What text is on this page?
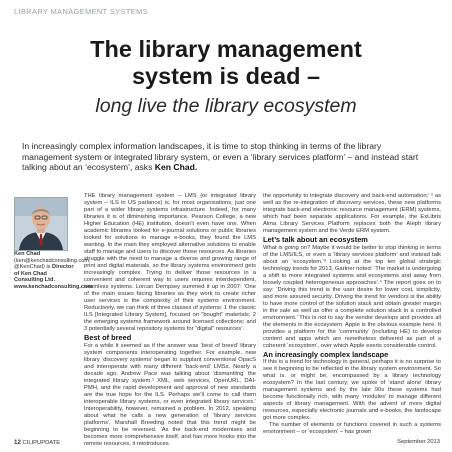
LIBRARY MANAGEMENT SYSTEMS
The library management
system is dead –
long live the library ecosystem
In increasingly complex information landscapes, it is time to stop thinking in terms of the library management system or integrated library system, or even a ‘library services platform’ – and instead start talking about an ‘ecosystem’, asks Ken Chad.
Ken Chad (ken@kenchadconsulting.com, @KenChad) is Director of Ken Chad Consulting Ltd.
www.kenchadconsulting.com

THE library management system – LMS (or integrated library system – ILS in US parlance) is, for most organisations, just one part of a wider library systems infrastructure. Indeed, for many libraries it is of diminishing importance. Pearson College, a new Higher Education (HE) institution, doesn’t even have one. When academic libraries looked for e-journal solutions or public libraries looked for solutions to manage e-books, they found the LMS wanting. In the main they employed alternative solutions to enable staff to manage and users to discover those resources. As libraries struggle with the need to manage a diverse and growing range of print and digital materials, so the library systems environment gets increasingly complex. Trying to deliver those resources in a convenient and coherent way to users requires interdependent, seamless systems. Lorcan Dempsey summed it up in 2007: ‘One of the main issues facing libraries as they work to create richer user services is the complexity of their systems environment. Reductively, we can think of three classes of systems: 1 the classic ILS [Integrated Library System], focused on “bought” materials; 2 the emerging systems framework around licensed collections; and 3 potentially several repository systems for “digital” resources’.

Best of breed

For a while it seemed as if the answer was ‘best of breed’ library system components interoperating together. For example, new library ‘discovery systems’ began to supplant conventional OpacS and interoperate with many different ‘back-end’ LMSs. Nearly a decade ago, Andrew Pace was talking about ‘dismantling’ the integrated library system.¹ XML, web services, OpenURL, DAI-PMH, and the rapid development and approval of new standards are the true hope for the ILS. Perhaps we’ll come to call them interoperable library systems, or even integrated library services.’ Interoperability, however, remained a problem. In 2012, speaking about what he calls a new generation of ‘library services platforms’, Marshall Breeding noted that this trend might be beginning to be reversed. ‘As the back-end modernises and becomes more comprehensive itself, and has more hooks into the remote resources, it reintroduces

the opportunity to integrate discovery and back-end automation;’ ² as well as the re-integration of discovery services, these new platforms integrate back-end electronic resource management (ERM) systems, which had been separate applications. For example, the ExLibris Alma Library Services Platform replaces both the Aleph library management system and the Verde ERM system.

Let’s talk about an ecosystem

What is going on? Maybe it would be better to stop thinking in terms of the LMS/ILS, or even a ‘library services platform’ and instead talk about an ‘ecosystem.’³ Looking at the top ten global strategic technology trends for 2013, Gartner noted: ‘The market is undergoing a shift to more integrated systems and ecosystems and away from loosely coupled heterogeneous approaches’.⁴ The report goes on to say: ‘Driving this trend is the user desire for lower cost, simplicity, and more assured security. Driving the trend for vendors is the ability to have more control of the solution stack and obtain greater margin in the sale as well as offer a complete solution stack in a controlled environment.’ This is not to say the vendor develops and provides all the elements in the ecosystem. Apple is the obvious example here. It provides a platform for the ‘community’ (including HE) to develop content and apps which are nonetheless delivered as part of a coherent ‘ecosystem’, over which Apple exerts considerable control.

An increasingly complex landscape

If this is a trend for technology in general, perhaps it is no surprise to see it beginning to be reflected in the library system environment. So what is, or might be, encompassed by a library technology ecosystem? In the last century, we spoke of ‘stand alone’ library management systems and by the late 90s these systems had become functionally rich, with many ‘modules’ to manage different aspects of library management. With the advent of more digital resources, especially electronic journals and e-books, the landscape got more complex.

The number of elements or functions covered in such a systems environment – or ‘ecosystem’ – has grown

12 CILIPUPDATE	September 2013
